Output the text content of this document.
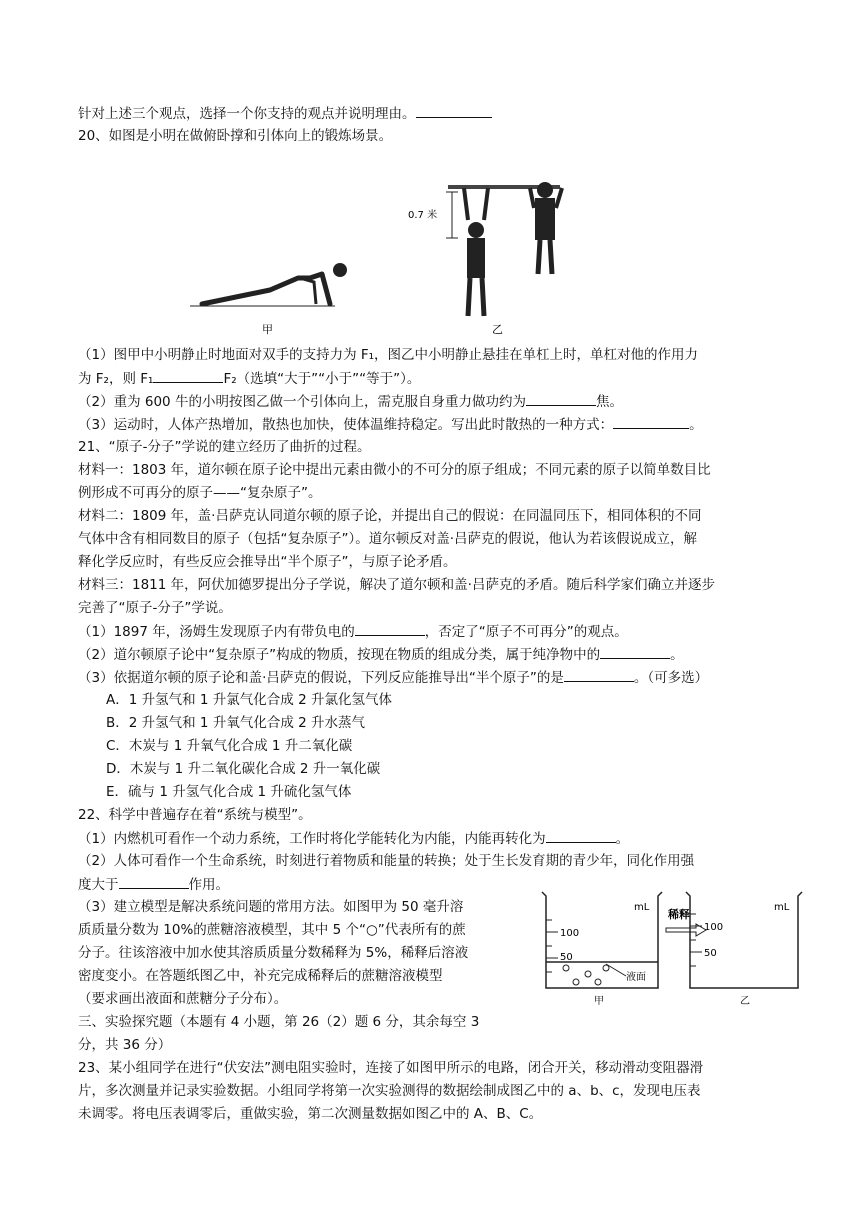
针对上述三个观点，选择一个你支持的观点并说明理由。
20、如图是小明在做俯卧撑和引体向上的锻炼场景。
甲
0.7 米
乙
（1）图甲中小明静止时地面对双手的支持力为 F₁，图乙中小明静止悬挂在单杠上时，单杠对他的作用力
为 F₂，则 F₁	F₂（选填“大于”“小于”“等于”）。
（2）重为 600 牛的小明按图乙做一个引体向上，需克服自身重力做功约为	焦。
（3）运动时，人体产热增加，散热也加快，使体温维持稳定。写出此时散热的一种方式：	。
21、“原子-分子”学说的建立经历了曲折的过程。
材料一：1803 年，道尔顿在原子论中提出元素由微小的不可分的原子组成；不同元素的原子以简单数目比
例形成不可再分的原子——“复杂原子”。
材料二：1809 年，盖·吕萨克认同道尔顿的原子论，并提出自己的假说：在同温同压下，相同体积的不同
气体中含有相同数目的原子（包括“复杂原子”）。道尔顿反对盖·吕萨克的假说，他认为若该假说成立，解
释化学反应时，有些反应会推导出“半个原子”，与原子论矛盾。
材料三：1811 年，阿伏加德罗提出分子学说，解决了道尔顿和盖·吕萨克的矛盾。随后科学家们确立并逐步
完善了“原子-分子”学说。
（1）1897 年，汤姆生发现原子内有带负电的	，否定了“原子不可再分”的观点。
（2）道尔顿原子论中“复杂原子”构成的物质，按现在物质的组成分类，属于纯净物中的	。
（3）依据道尔顿的原子论和盖·吕萨克的假说，下列反应能推导出“半个原子”的是	。（可多选）
A．1 升氢气和 1 升氯气化合成 2 升氯化氢气体
B．2 升氢气和 1 升氧气化合成 2 升水蒸气
C．木炭与 1 升氧气化合成 1 升二氧化碳
D．木炭与 1 升二氧化碳化合成 2 升一氧化碳
E．硫与 1 升氢气化合成 1 升硫化氢气体
22、科学中普遍存在着“系统与模型”。
（1）内燃机可看作一个动力系统，工作时将化学能转化为内能，内能再转化为	。
（2）人体可看作一个生命系统，时刻进行着物质和能量的转换；处于生长发育期的青少年，同化作用强
度大于	作用。
（3）建立模型是解决系统问题的常用方法。如图甲为 50 毫升溶
质质量分数为 10%的蔗糖溶液模型，其中 5 个“○”代表所有的蔗
分子。往该溶液中加水使其溶质质量分数稀释为 5%，稀释后溶液
密度变小。在答题纸图乙中，补充完成稀释后的蔗糖溶液模型
（要求画出液面和蔗糖分子分布）。
mL
100
50
液面
甲
稀释
mL
100
50
乙
三、实验探究题（本题有 4 小题，第 26（2）题 6 分，其余每空 3
分，共 36 分）
23、某小组同学在进行“伏安法”测电阻实验时，连接了如图甲所示的电路，闭合开关，移动滑动变阻器滑
片，多次测量并记录实验数据。小组同学将第一次实验测得的数据绘制成图乙中的 a、b、c，发现电压表
未调零。将电压表调零后，重做实验，第二次测量数据如图乙中的 A、B、C。
